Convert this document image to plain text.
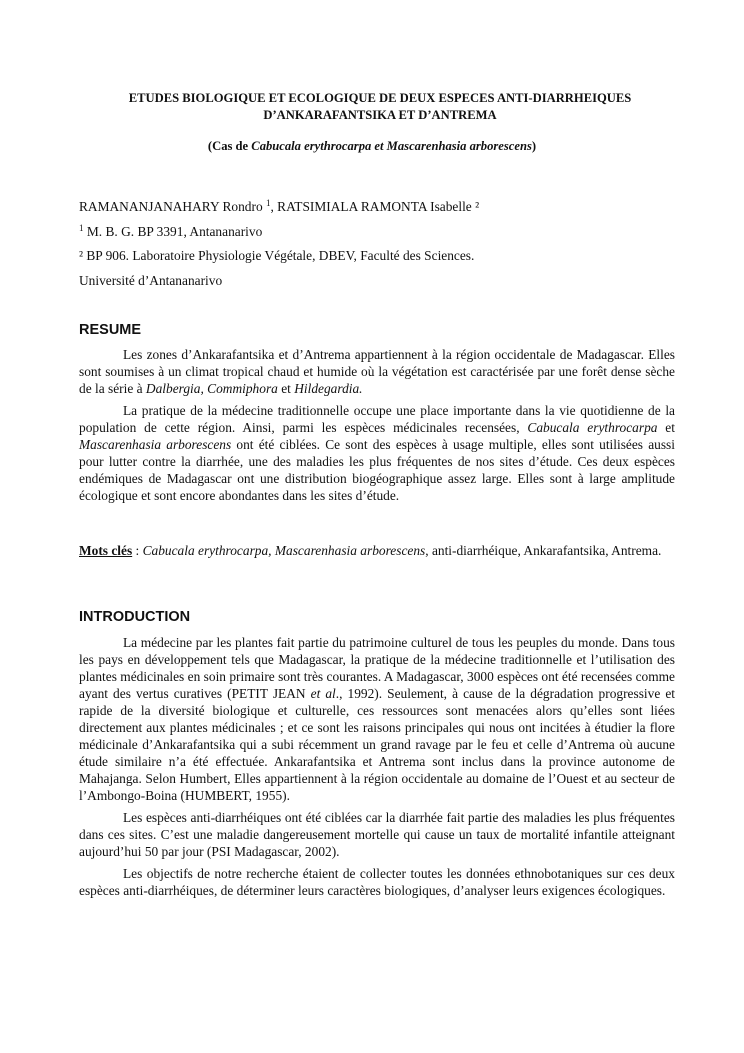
ETUDES BIOLOGIQUE ET ECOLOGIQUE DE DEUX ESPECES ANTI-DIARRHEIQUES
D’ANKARAFANTSIKA ET D’ANTREMA
(Cas de Cabucala erythrocarpa et Mascarenhasia arborescens)
RAMANANJANAHARY Rondro $^1$, RATSIMIALA RAMONTA Isabelle ²
$^1$ M. B. G. BP 3391, Antananarivo
² BP 906. Laboratoire Physiologie Végétale, DBEV, Faculté des Sciences.
Université d’Antananarivo
RESUME

Les zones d’Ankarafantsika et d’Antrema appartiennent à la région occidentale de Madagascar. Elles sont soumises à un climat tropical chaud et humide où la végétation est caractérisée par une forêt dense sèche de la série à Dalbergia, Commiphora et Hildegardia.

La pratique de la médecine traditionnelle occupe une place importante dans la vie quotidienne de la population de cette région. Ainsi, parmi les espèces médicinales recensées, Cabucala erythrocarpa et Mascarenhasia arborescens ont été ciblées. Ce sont des espèces à usage multiple, elles sont utilisées aussi pour lutter contre la diarrhée, une des maladies les plus fréquentes de nos sites d’étude. Ces deux espèces endémiques de Madagascar ont une distribution biogéographique assez large. Elles sont à large amplitude écologique et sont encore abondantes dans les sites d’étude.

Mots clés : Cabucala erythrocarpa, Mascarenhasia arborescens, anti-diarrhéique, Ankarafantsika, Antrema.
INTRODUCTION

La médecine par les plantes fait partie du patrimoine culturel de tous les peuples du monde. Dans tous les pays en développement tels que Madagascar, la pratique de la médecine traditionnelle et l’utilisation des plantes médicinales en soin primaire sont très courantes. A Madagascar, 3000 espèces ont été recensées comme ayant des vertus curatives (PETIT JEAN et al., 1992). Seulement, à cause de la dégradation progressive et rapide de la diversité biologique et culturelle, ces ressources sont menacées alors qu’elles sont liées directement aux plantes médicinales ; et ce sont les raisons principales qui nous ont incitées à étudier la flore médicinale d’Ankarafantsika qui a subi récemment un grand ravage par le feu et celle d’Antrema où aucune étude similaire n’a été effectuée. Ankarafantsika et Antrema sont inclus dans la province autonome de Mahajanga. Selon Humbert, Elles appartiennent à la région occidentale au domaine de l’Ouest et au secteur de l’Ambongo-Boina (HUMBERT, 1955).

Les espèces anti-diarrhéiques ont été ciblées car la diarrhée fait partie des maladies les plus fréquentes dans ces sites. C’est une maladie dangereusement mortelle qui cause un taux de mortalité infantile atteignant aujourd’hui 50 par jour (PSI Madagascar, 2002).

Les objectifs de notre recherche étaient de collecter toutes les données ethnobotaniques sur ces deux espèces anti-diarrhéiques, de déterminer leurs caractères biologiques, d’analyser leurs exigences écologiques.
